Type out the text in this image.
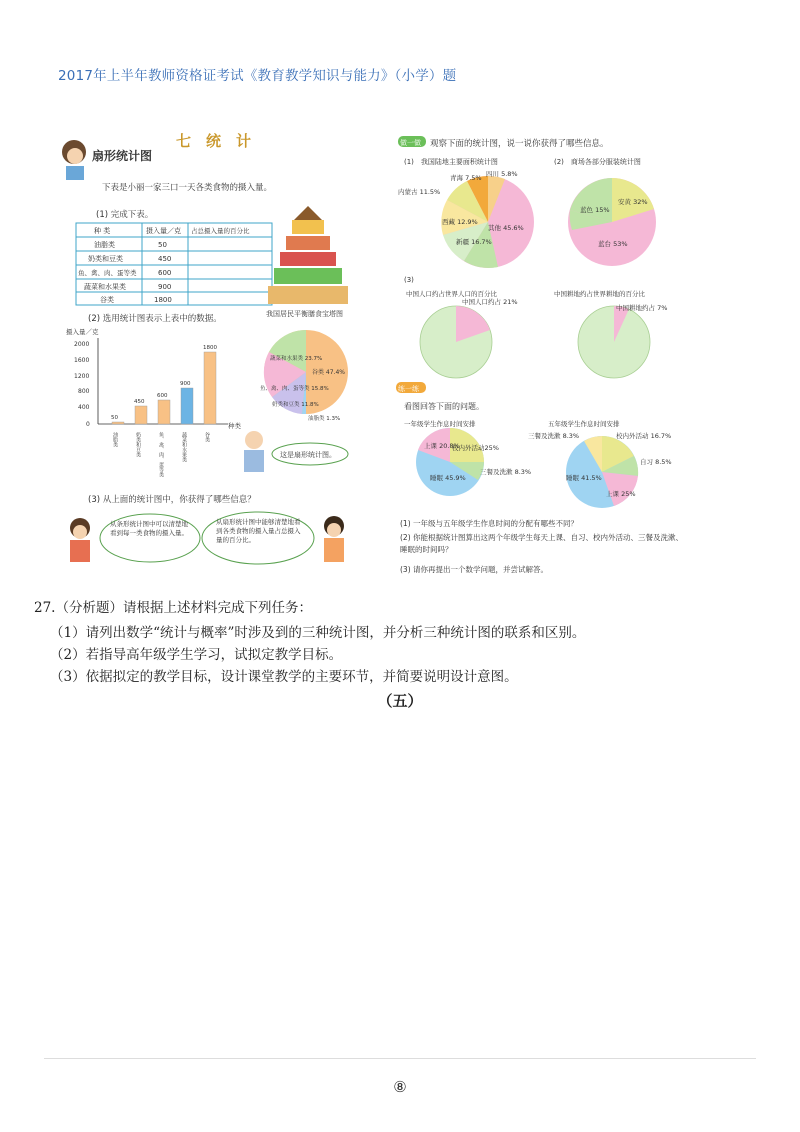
2017年上半年教师资格证考试《教育教学知识与能力》（小学）题
七　统　计
扇形统计图
下表是小丽一家三口一天各类食物的摄入量。
(1) 完成下表。
种 类	摄入量／克 占总摄入量的百分比
油脂类	50
奶类和豆类	450
鱼、禽、肉、蛋等类	600
蔬菜和水果类	900
谷类	1800
我国居民平衡膳食宝塔图
(2) 选用统计图表示上表中的数据。
摄入量／克
2000
1600
1200
800
400
0
50
油脂类
450
奶类和豆类
600
鱼、禽、肉、蛋等类
900
蔬菜和水果类
1800
谷类
种类
蔬菜和水果类 23.7%
谷类 47.4%
鱼、禽、肉、蛋等类 15.8%
奶类和豆类 11.8%
油脂类 1.3%
这是扇形统计图。
(3) 从上面的统计图中，你获得了哪些信息？
从条形统计图中可以清楚地看到每一类食物的摄入量。
从扇形统计图中能够清楚地看到各类食物的摄入量占总摄入量的百分比。
做一做 观察下面的统计图，说一说你获得了哪些信息。
(1)　我国陆地主要面积统计图
青海 7.5% 四川 5.8%
内蒙古 11.5%
西藏 12.9%
新疆 16.7%
其他 45.6%
(2)　商场各部分服装统计图
安黄 32%
蓝色 15%
蓝台 53%
(3)
中国人口约占世界人口的百分比
中国人口约占 21%
中国耕地约占世界耕地的百分比
中国耕地约占 7%
练一练
看图回答下面的问题。
一年级学生作息时间安排
上课 20.8%
校内外活动25%
三餐及洗漱 8.3%
睡眠 45.9%
五年级学生作息时间安排
三餐及洗漱 8.3%	校内外活动 16.7%
自习 8.5%
睡眠 41.5%
上课 25%
(1) 一年级与五年级学生作息时间的分配有哪些不同？
(2) 你能根据统计图算出这两个年级学生每天上课、自习、校内外活动、三餐及洗漱、睡眠的时间吗？
(3) 请你再提出一个数学问题，并尝试解答。
27.（分析题）请根据上述材料完成下列任务：
（1）请列出数学“统计与概率”时涉及到的三种统计图，并分析三种统计图的联系和区别。
（2）若指导高年级学生学习，试拟定教学目标。
（3）依据拟定的教学目标，设计课堂教学的主要环节，并简要说明设计意图。
（五）
⑧
